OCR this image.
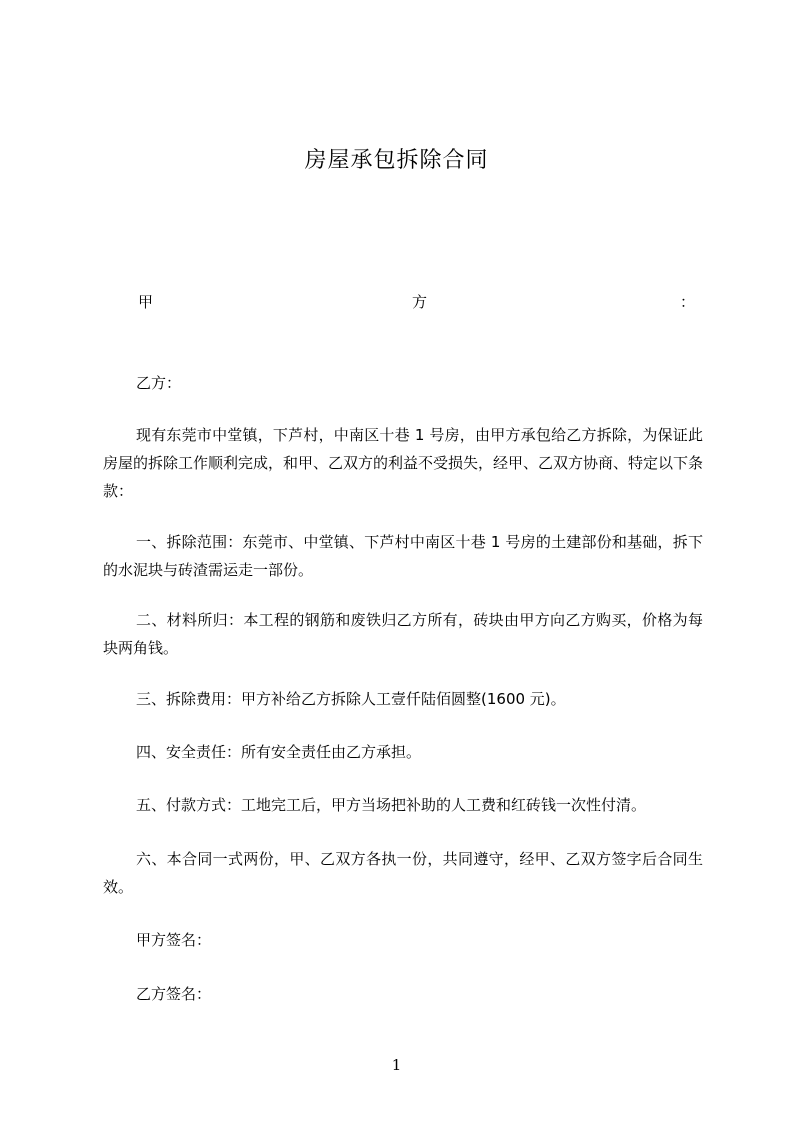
房屋承包拆除合同
甲	方	：
乙方：
现有东莞市中堂镇，下芦村，中南区十巷 1 号房，由甲方承包给乙方拆除，为保证此房屋的拆除工作顺利完成，和甲、乙双方的利益不受损失，经甲、乙双方协商、特定以下条款：
一、拆除范围：东莞市、中堂镇、下芦村中南区十巷 1 号房的土建部份和基础，拆下的水泥块与砖渣需运走一部份。
二、材料所归：本工程的钢筋和废铁归乙方所有，砖块由甲方向乙方购买，价格为每块两角钱。
三、拆除费用：甲方补给乙方拆除人工壹仟陆佰圆整(1600 元)。
四、安全责任：所有安全责任由乙方承担。
五、付款方式：工地完工后，甲方当场把补助的人工费和红砖钱一次性付清。
六、本合同一式两份，甲、乙双方各执一份，共同遵守，经甲、乙双方签字后合同生效。
甲方签名：
乙方签名：
1
